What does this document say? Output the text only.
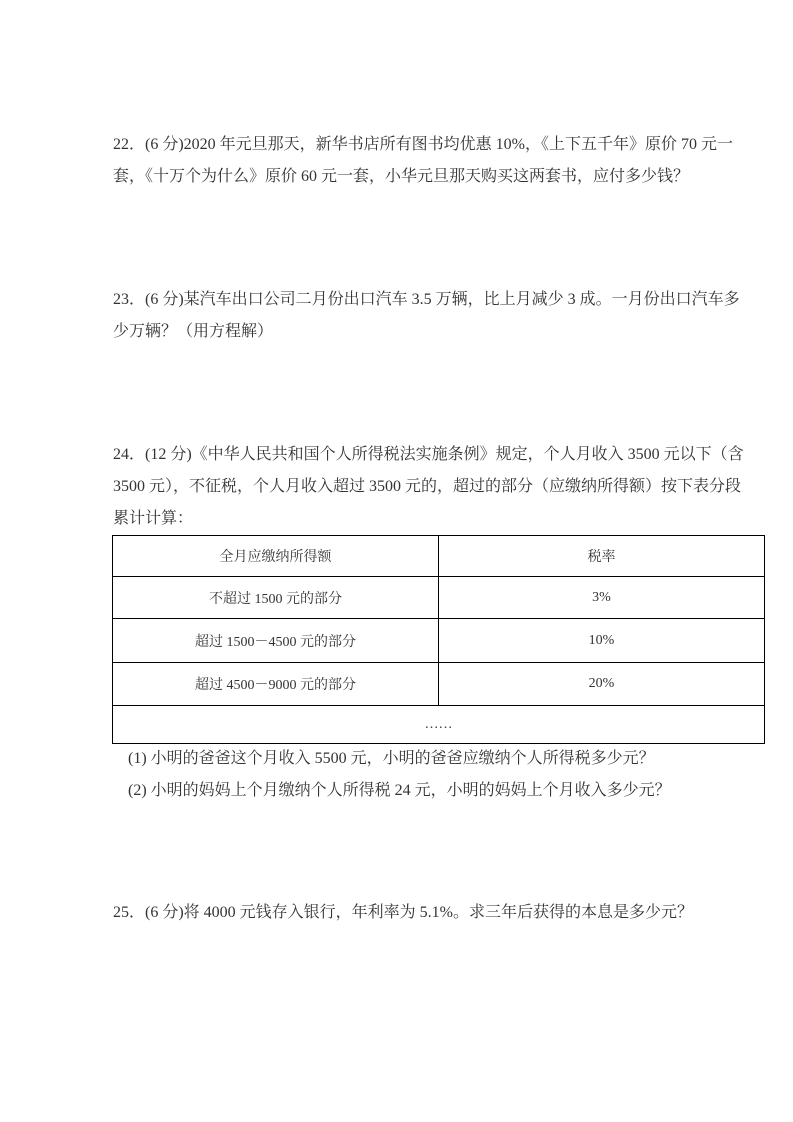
22．(6 分)2020 年元旦那天，新华书店所有图书均优惠 10%，《上下五千年》原价 70 元一
套，《十万个为什么》原价 60 元一套，小华元旦那天购买这两套书，应付多少钱？
23．(6 分)某汽车出口公司二月份出口汽车 3.5 万辆，比上月减少 3 成。一月份出口汽车多
少万辆？（用方程解）
24．(12 分)《中华人民共和国个人所得税法实施条例》规定，个人月收入 3500 元以下（含
3500 元），不征税，个人月收入超过 3500 元的，超过的部分（应缴纳所得额）按下表分段
累计计算：
全月应缴纳所得额	税率
不超过 1500 元的部分	3%
超过 1500－4500 元的部分	10%
超过 4500－9000 元的部分	20%
……	
(1) 小明的爸爸这个月收入 5500 元，小明的爸爸应缴纳个人所得税多少元？
(2) 小明的妈妈上个月缴纳个人所得税 24 元，小明的妈妈上个月收入多少元？
25．(6 分)将 4000 元钱存入银行，年利率为 5.1%。求三年后获得的本息是多少元？
